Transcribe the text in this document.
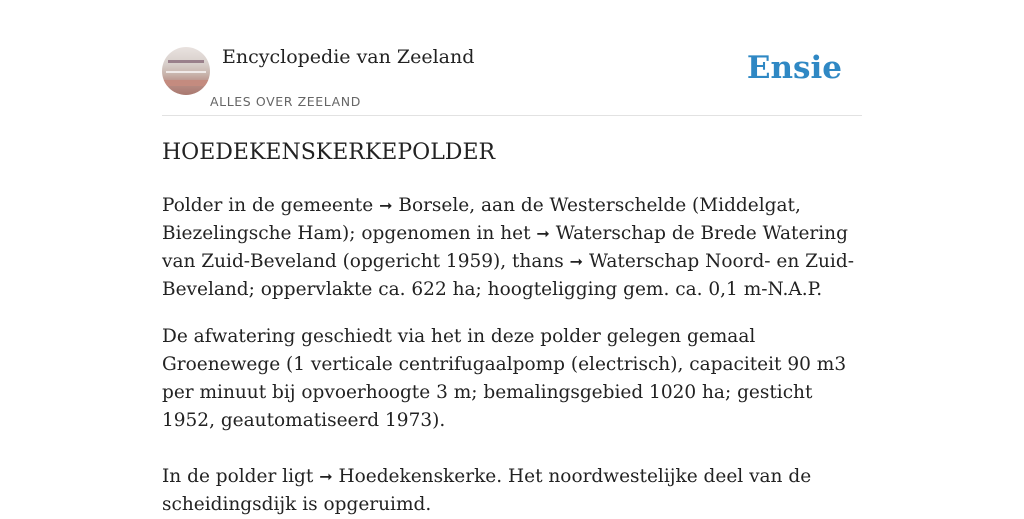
Encyclopedie van Zeeland
ALLES OVER ZEELAND
Ensie
HOEDEKENSKERKEPOLDER

Polder in de gemeente ➞ Borsele, aan de Westerschelde (Middelgat, Biezelingsche Ham); opgenomen in het ➞ Waterschap de Brede Watering van Zuid-Beveland (opgericht 1959), thans ➞ Waterschap Noord- en Zuid-Beveland; oppervlakte ca. 622 ha; hoogteligging gem. ca. 0,1 m-N.A.P.

De afwatering geschiedt via het in deze polder gelegen gemaal Groenewege (1 verticale centrifugaalpomp (electrisch), capaciteit 90 m3 per minuut bij opvoerhoogte 3 m; bemalingsgebied 1020 ha; gesticht 1952, geautomatiseerd 1973).

In de polder ligt ➞ Hoedekenskerke. Het noordwestelijke deel van de scheidingsdijk is opgeruimd.
